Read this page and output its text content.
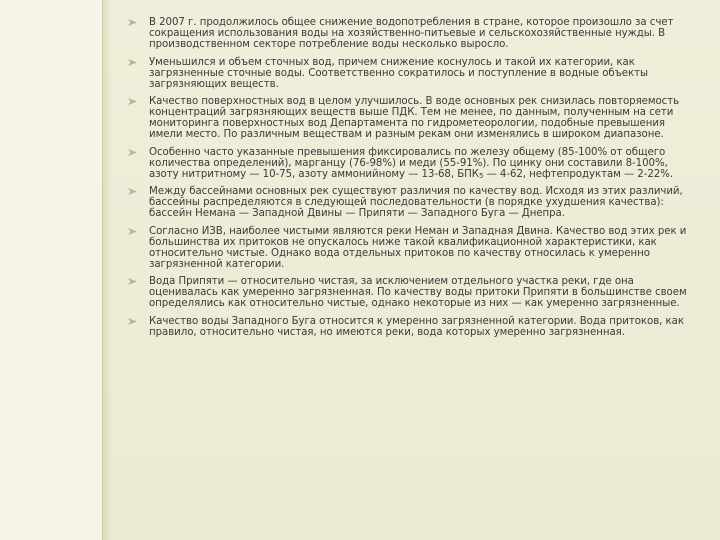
В 2007 г. продолжилось общее снижение водопотребления в стране, которое произошло за счет сокращения использования воды на хозяйственно-питьевые и сельскохозяйственные нужды. В производственном секторе потребление воды несколько выросло.
Уменьшился и объем сточных вод, причем снижение коснулось и такой их категории, как загрязненные сточные воды. Соответственно сократилось и поступление в водные объекты загрязняющих веществ.
Качество поверхностных вод в целом улучшилось. В воде основных рек снизилась повторяемость концентраций загрязняющих веществ выше ПДК. Тем не менее, по данным, полученным на сети мониторинга поверхностных вод Департамента по гидрометеорологии, подобные превышения имели место. По различным веществам и разным рекам они изменялись в широком диапазоне.
Особенно часто указанные превышения фиксировались по железу общему (85-100% от общего количества определений), марганцу (76-98%) и меди (55-91%). По цинку они составили 8-100%, азоту нитритному — 10-75, азоту аммонийному — 13-68, $БПК_5$ — 4-62, нефтепродуктам — 2-22%.
Между бассейнами основных рек существуют различия по качеству вод. Исходя из этих различий, бассейны распределяются в следующей последовательности (в порядке ухудшения качества): бассейн Немана — Западной Двины — Припяти — Западного Буга — Днепра.
Согласно ИЗВ, наиболее чистыми являются реки Неман и Западная Двина. Качество вод этих рек и большинства их притоков не опускалось ниже такой квалификационной характеристики, как относительно чистые. Однако вода отдельных притоков по качеству относилась к умеренно загрязненной категории.
Вода Припяти — относительно чистая, за исключением отдельного участка реки, где она оценивалась как умеренно загрязненная. По качеству воды притоки Припяти в большинстве своем определялись как относительно чистые, однако некоторые из них — как умеренно загрязненные.
Качество воды Западного Буга относится к умеренно загрязненной категории. Вода притоков, как правило, относительно чистая, но имеются реки, вода которых умеренно загрязненная.
